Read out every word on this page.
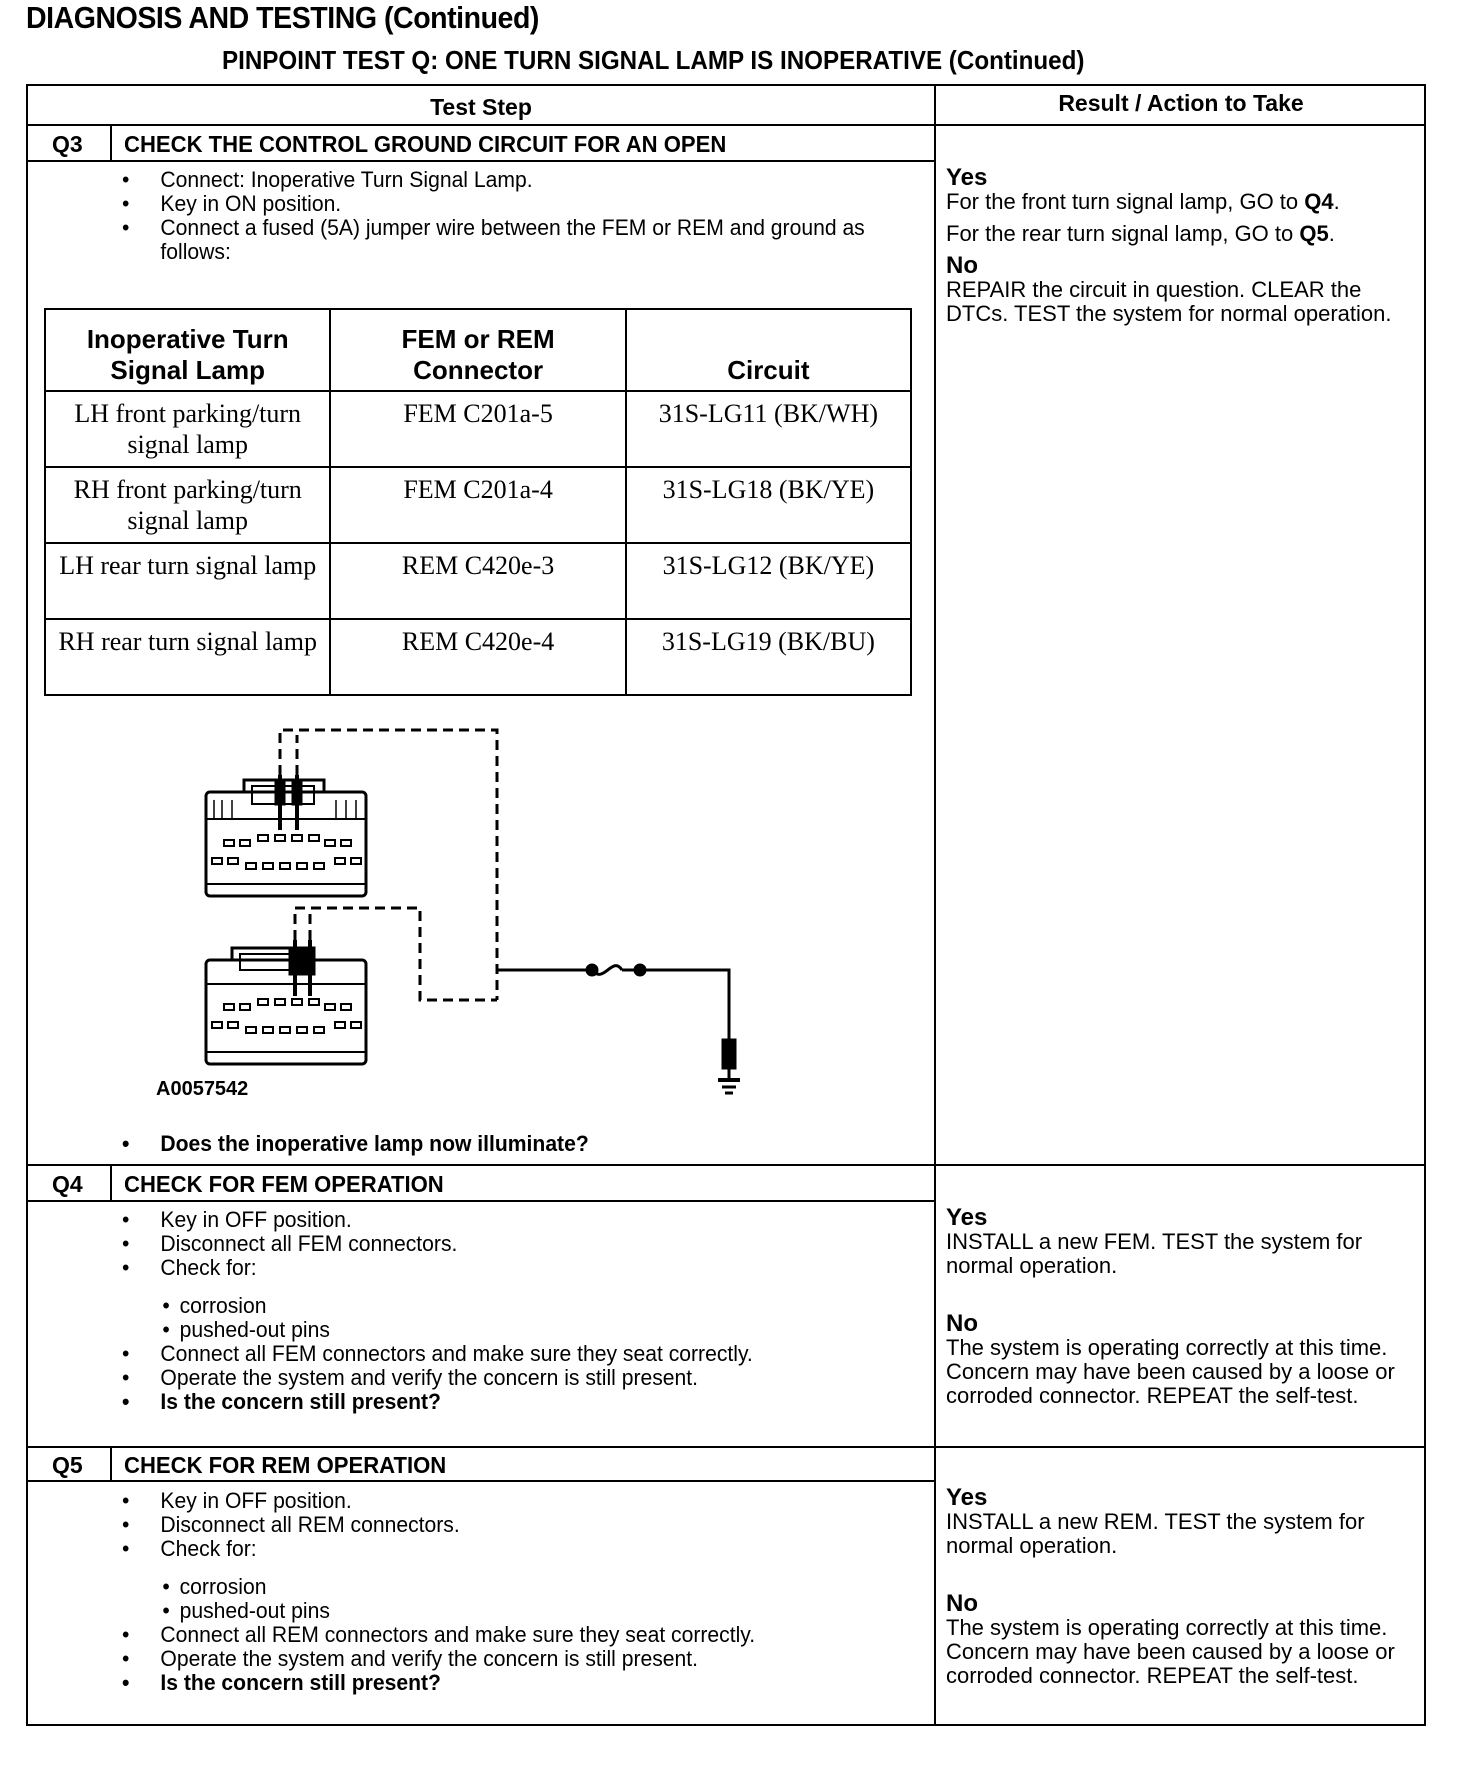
DIAGNOSIS AND TESTING (Continued)
PINPOINT TEST Q: ONE TURN SIGNAL LAMP IS INOPERATIVE (Continued)
Test Step	Result / Action to Take
Q3 CHECK THE CONTROL GROUND CIRCUIT FOR AN OPEN
• Connect: Inoperative Turn Signal Lamp.
• Key in ON position.
• Connect a fused (5A) jumper wire between the FEM or REM and ground as follows:
Inoperative Turn Signal Lamp	FEM or REM Connector	Circuit
LH front parking/turn signal lamp	FEM C201a-5	31S-LG11 (BK/WH)
RH front parking/turn signal lamp	FEM C201a-4	31S-LG18 (BK/YE)
LH rear turn signal lamp	REM C420e-3	31S-LG12 (BK/YE)
RH rear turn signal lamp	REM C420e-4	31S-LG19 (BK/BU)
A0057542
• Does the inoperative lamp now illuminate?
Yes

For the front turn signal lamp, GO to Q4.

For the rear turn signal lamp, GO to Q5.

No

REPAIR the circuit in question. CLEAR the DTCs. TEST the system for normal operation.

Q4 CHECK FOR FEM OPERATION
• Key in OFF position.
• Disconnect all FEM connectors.
• Check for:
• corrosion
• pushed-out pins
• Connect all FEM connectors and make sure they seat correctly.
• Operate the system and verify the concern is still present.
• Is the concern still present?
Yes

INSTALL a new FEM. TEST the system for normal operation.

No

The system is operating correctly at this time. Concern may have been caused by a loose or corroded connector. REPEAT the self-test.

Q5 CHECK FOR REM OPERATION
• Key in OFF position.
• Disconnect all REM connectors.
• Check for:
• corrosion
• pushed-out pins
• Connect all REM connectors and make sure they seat correctly.
• Operate the system and verify the concern is still present.
• Is the concern still present?
Yes

INSTALL a new REM. TEST the system for normal operation.

No

The system is operating correctly at this time. Concern may have been caused by a loose or corroded connector. REPEAT the self-test.
